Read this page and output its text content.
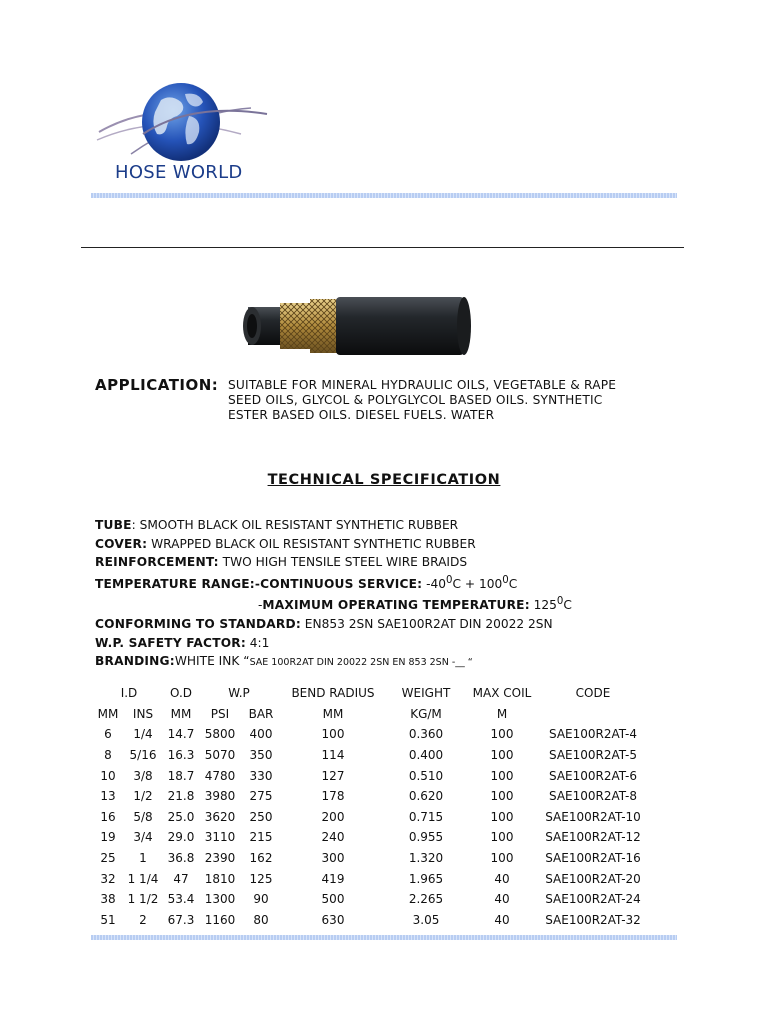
HOSE WORLD
APPLICATION: SUITABLE FOR MINERAL HYDRAULIC OILS, VEGETABLE & RAPE
SEED OILS, GLYCOL & POLYGLYCOL BASED OILS. SYNTHETIC
ESTER BASED OILS. DIESEL FUELS. WATER
TECHNICAL SPECIFICATION
TUBE: SMOOTH BLACK OIL RESISTANT SYNTHETIC RUBBER
COVER: WRAPPED BLACK OIL RESISTANT SYNTHETIC RUBBER
REINFORCEMENT: TWO HIGH TENSILE STEEL WIRE BRAIDS
TEMPERATURE RANGE:-CONTINUOUS SERVICE: $-40^0C + 100^0C$
-MAXIMUM OPERATING TEMPERATURE: $125^0C$
CONFORMING TO STANDARD: EN853 2SN SAE100R2AT DIN 20022 2SN
W.P. SAFETY FACTOR: 4:1
BRANDING:WHITE INK “SAE 100R2AT DIN 20022 2SN EN 853 2SN -__ “
I.D		O.D	W.P		BEND RADIUS	WEIGHT	MAX COIL	CODE
MM	INS	MM	PSI	BAR	MM	KG/M	M	
6	1/4	14.7	5800	400	100	0.360	100	SAE100R2AT-4
8	5/16	16.3	5070	350	114	0.400	100	SAE100R2AT-5
10	3/8	18.7	4780	330	127	0.510	100	SAE100R2AT-6
13	1/2	21.8	3980	275	178	0.620	100	SAE100R2AT-8
16	5/8	25.0	3620	250	200	0.715	100	SAE100R2AT-10
19	3/4	29.0	3110	215	240	0.955	100	SAE100R2AT-12
25	1	36.8	2390	162	300	1.320	100	SAE100R2AT-16
32	1 1/4	47	1810	125	419	1.965	40	SAE100R2AT-20
38	1 1/2	53.4	1300	90	500	2.265	40	SAE100R2AT-24
51	2	67.3	1160	80	630	3.05	40	SAE100R2AT-32
